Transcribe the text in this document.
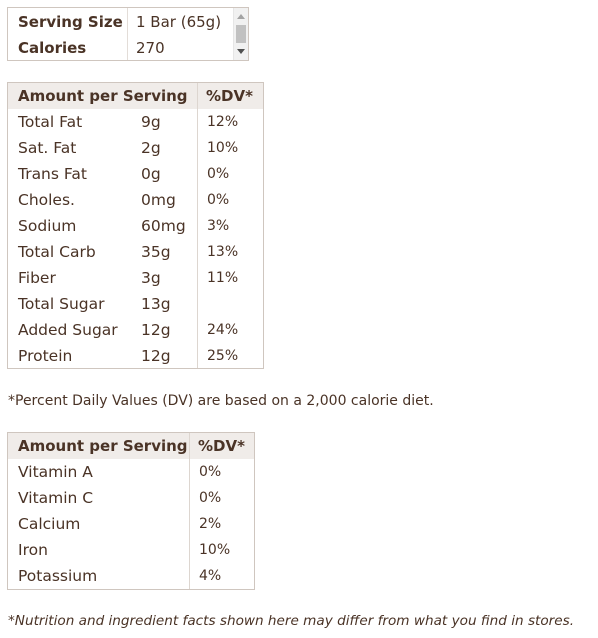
Serving Size 1 Bar (65g)
Calories	270
Amount per Serving %DV*
Total Fat	9g	12%
Sat. Fat	2g	10%
Trans Fat	0g	0%
Choles.	0mg 0%
Sodium	60mg 3%
Total Carb	35g	13%
Fiber	3g	11%
Total Sugar 13g
Added Sugar 12g	24%
Protein	12g	25%
*Percent Daily Values (DV) are based on a 2,000 calorie diet.
Amount per Serving %DV*
Vitamin A	0%
Vitamin C	0%
Calcium	2%
Iron	10%
Potassium	4%
*Nutrition and ingredient facts shown here may differ from what you find in stores.
